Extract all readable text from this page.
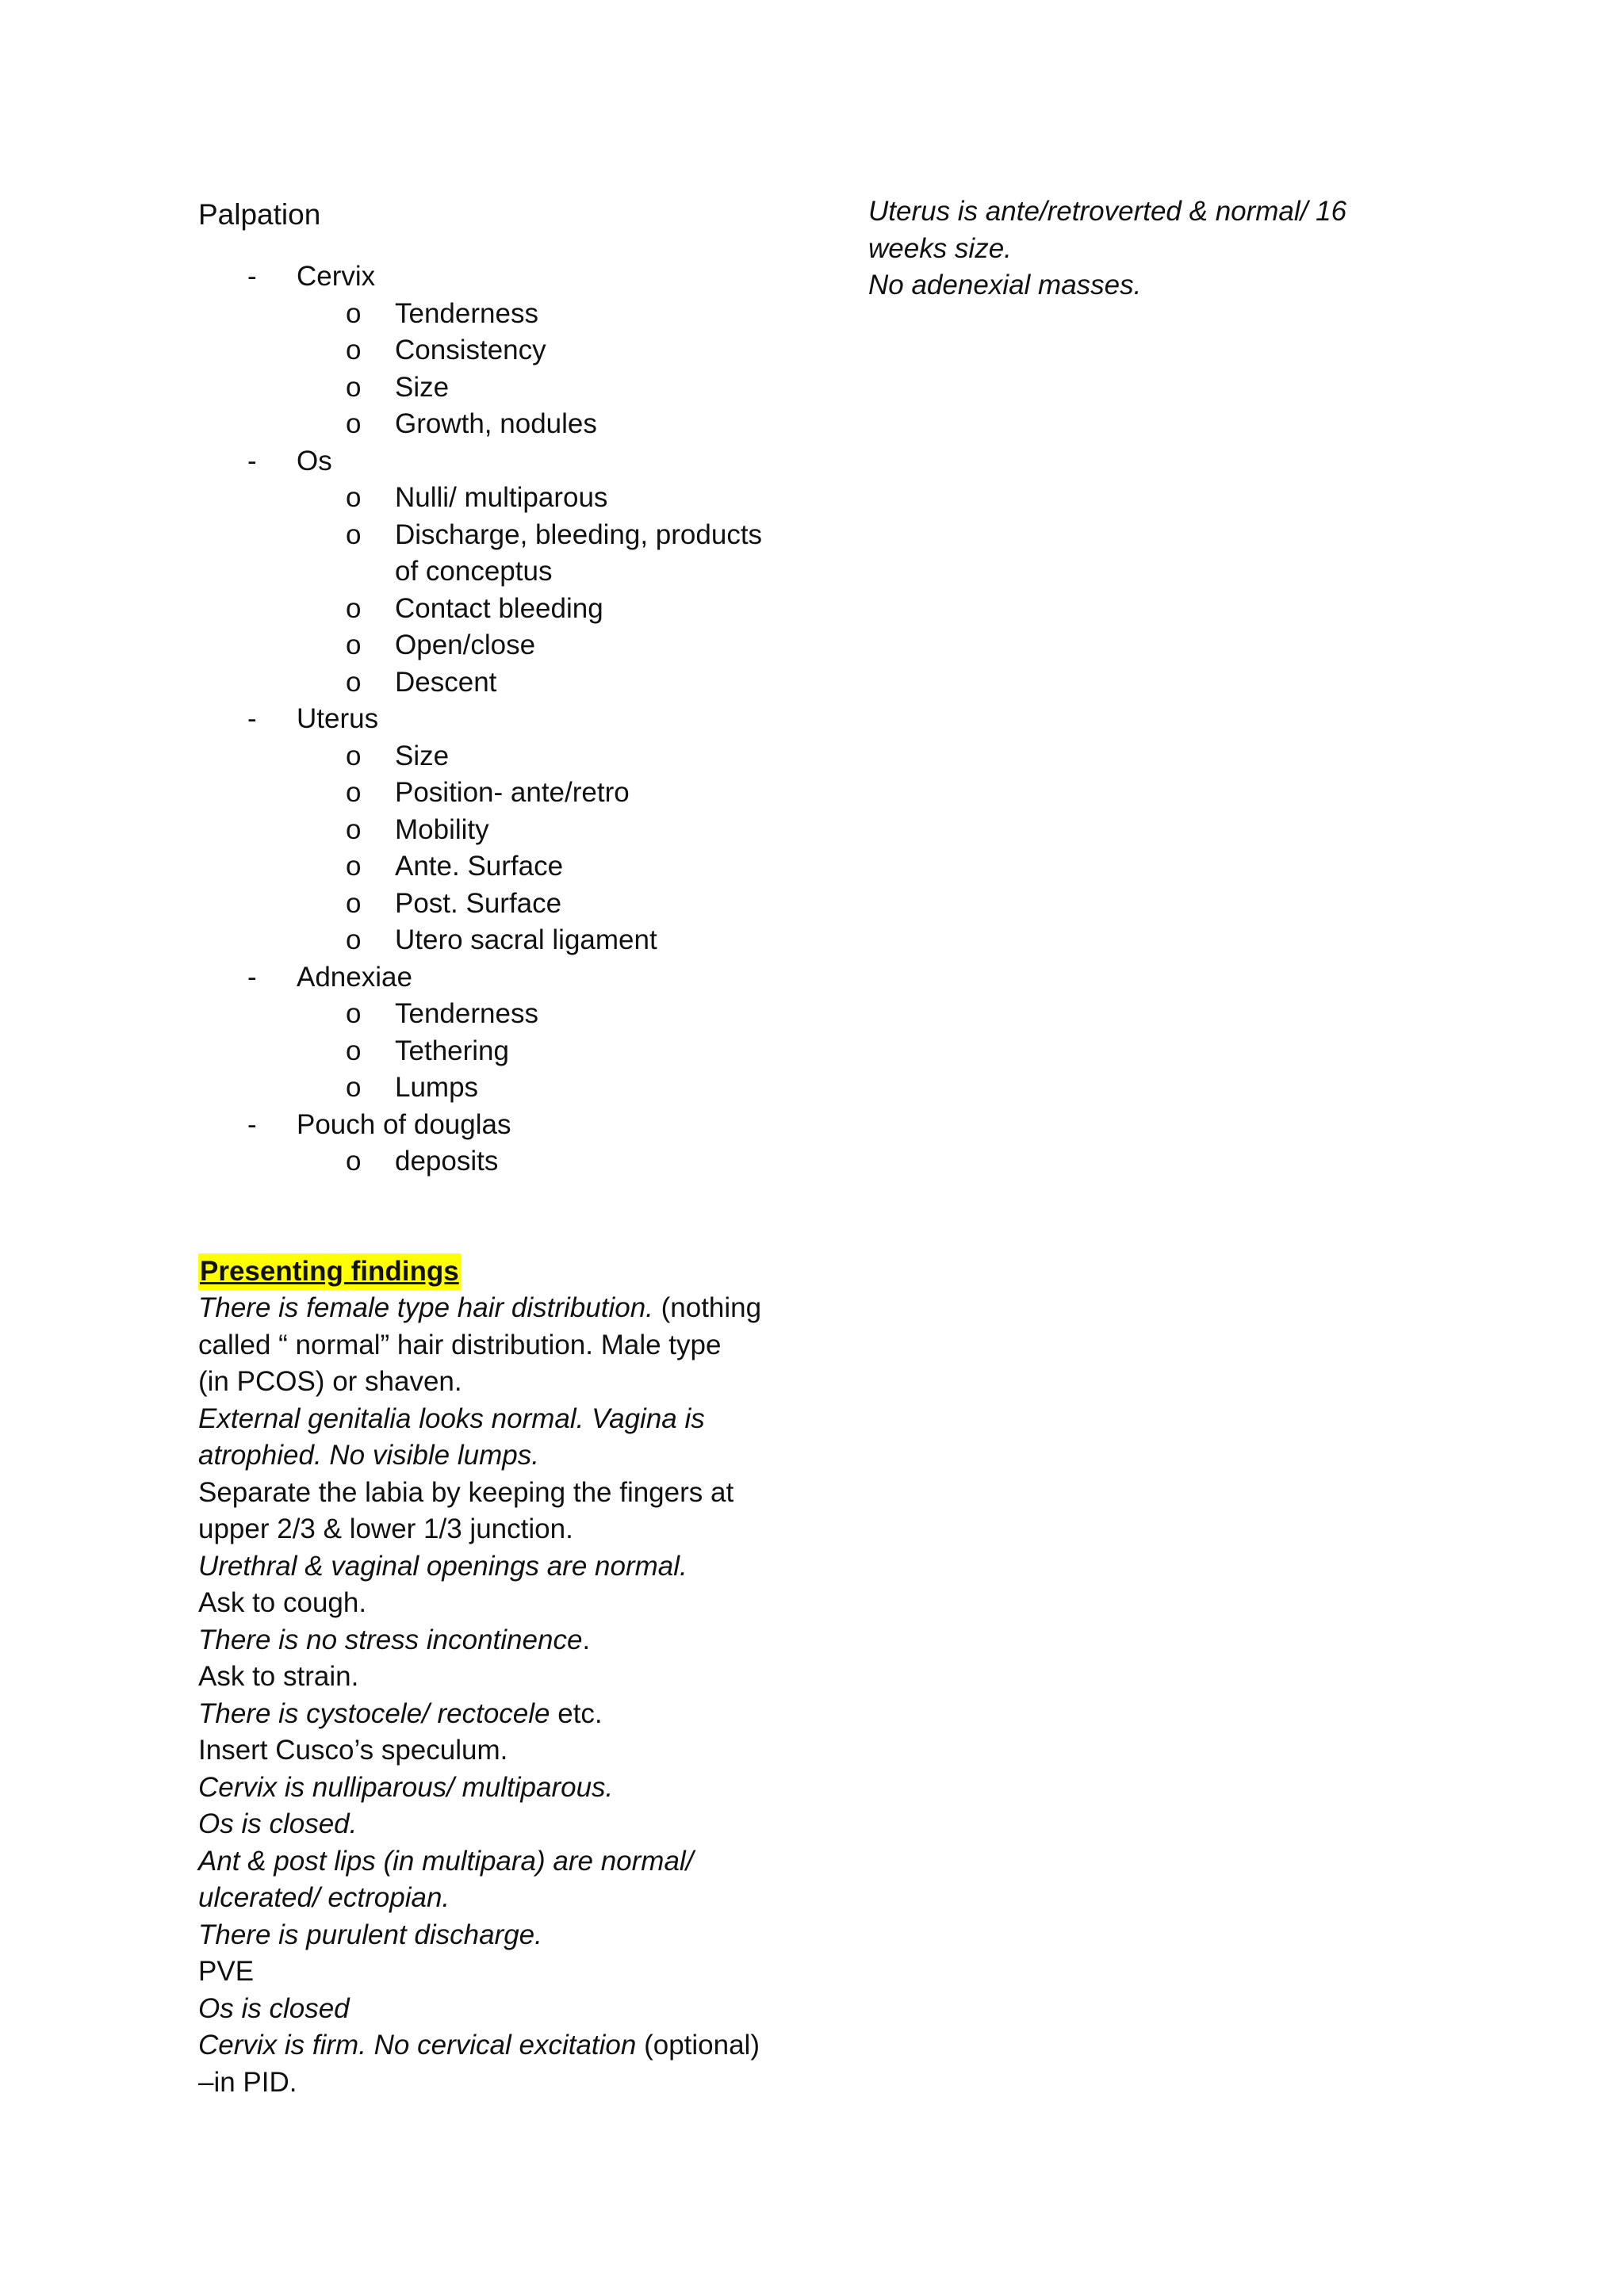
Palpation
- Cervix
o Tenderness
o Consistency
o Size
o Growth, nodules
- Os
o Nulli/ multiparous
o Discharge, bleeding, products
of conceptus
o Contact bleeding
o Open/close
o Descent
- Uterus
o Size
o Position- ante/retro
o Mobility
o Ante. Surface
o Post. Surface
o Utero sacral ligament
- Adnexiae
o Tenderness
o Tethering
o Lumps
- Pouch of douglas
o deposits
Presenting findings
There is female type hair distribution. (nothing
called “ normal” hair distribution. Male type
(in PCOS) or shaven.
External genitalia looks normal. Vagina is
atrophied. No visible lumps.
Separate the labia by keeping the fingers at
upper 2/3 & lower 1/3 junction.
Urethral & vaginal openings are normal.
Ask to cough.
There is no stress incontinence.
Ask to strain.
There is cystocele/ rectocele etc.
Insert Cusco’s speculum.
Cervix is nulliparous/ multiparous.
Os is closed.
Ant & post lips (in multipara) are normal/
ulcerated/ ectropian.
There is purulent discharge.
PVE
Os is closed
Cervix is firm. No cervical excitation (optional)
–in PID.
Uterus is ante/retroverted & normal/ 16
weeks size.
No adenexial masses.
